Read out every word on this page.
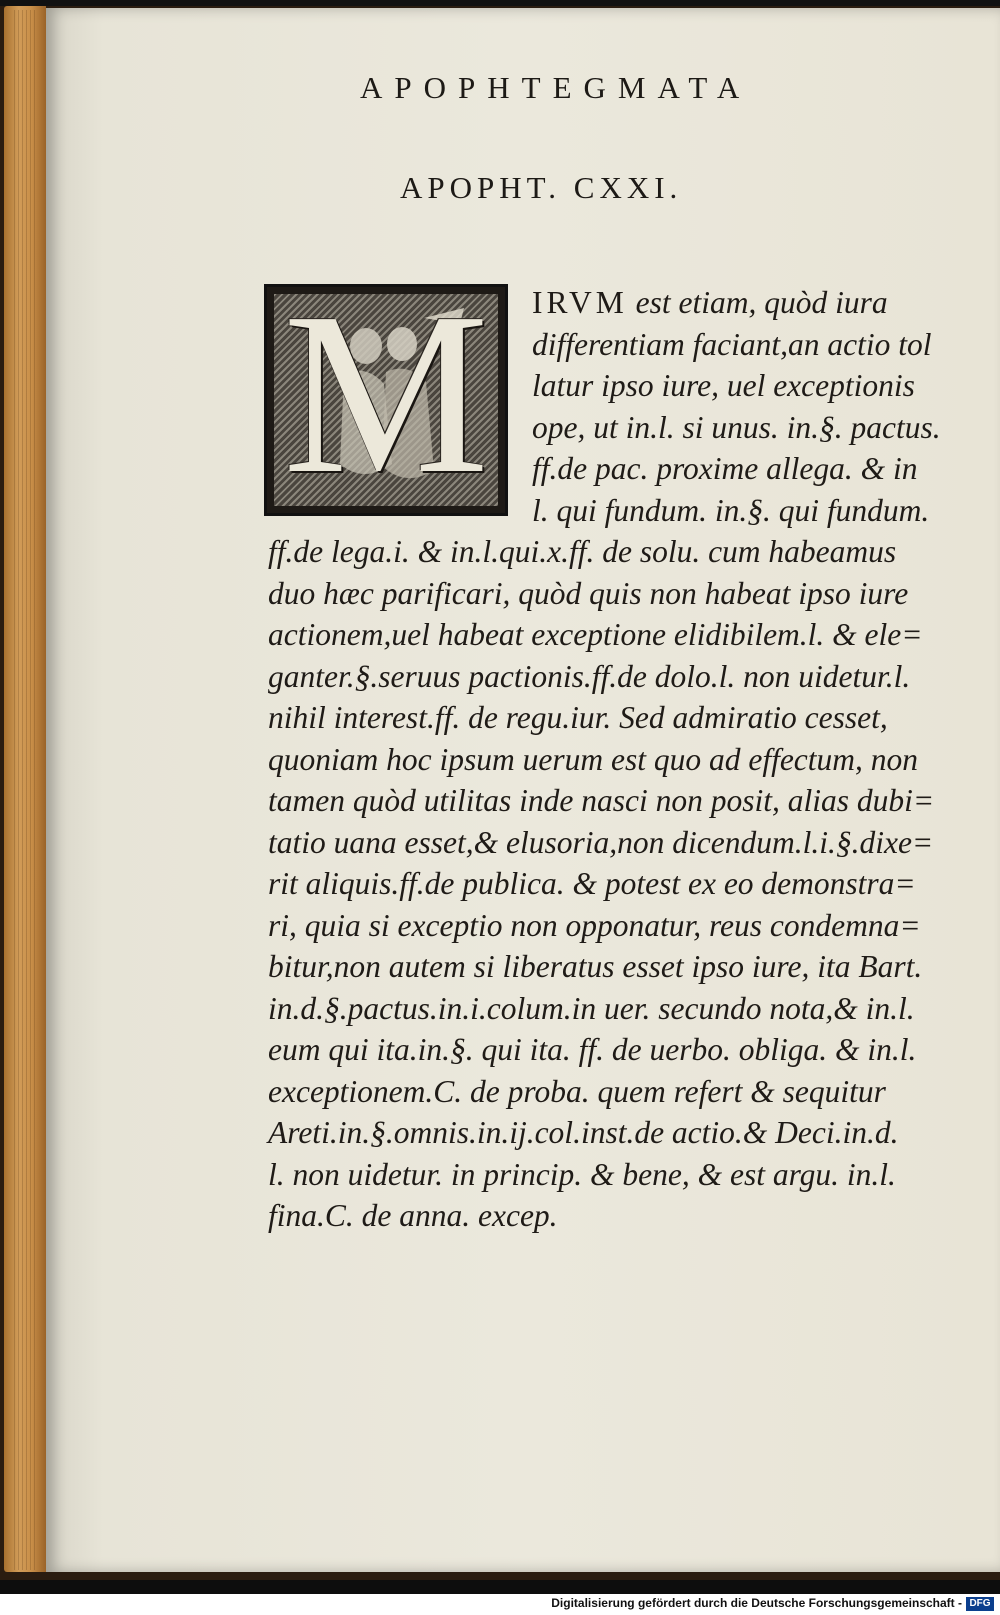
APOPHTEGMATA
APOPHT. CXXI.
M	IRVM est etiam, quòd iura
differentiam faciant,an actio tol
latur ipso iure, uel exceptionis
ope, ut in.l. si unus. in.§. pactus.
ff.de pac. proxime allega. & in
l. qui fundum. in.§. qui fundum.
ff.de lega.i. & in.l.qui.x.ff. de solu. cum habeamus
duo hæc parificari, quòd quis non habeat ipso iure
actionem,uel habeat exceptione elidibilem.l. & ele=
ganter.§.seruus pactionis.ff.de dolo.l. non uidetur.l.
nihil interest.ff. de regu.iur. Sed admiratio cesset,
quoniam hoc ipsum uerum est quo ad effectum, non
tamen quòd utilitas inde nasci non posit, alias dubi=
tatio uana esset,& elusoria,non dicendum.l.i.§.dixe=
rit aliquis.ff.de publica. & potest ex eo demonstra=
ri, quia si exceptio non opponatur, reus condemna=
bitur,non autem si liberatus esset ipso iure, ita Bart.
in.d.§.pactus.in.i.colum.in uer. secundo nota,& in.l.
eum qui ita.in.§. qui ita. ff. de uerbo. obliga. & in.l.
exceptionem.C. de proba. quem refert & sequitur
Areti.in.§.omnis.in.ij.col.inst.de actio.& Deci.in.d.
l. non uidetur. in princip. & bene, & est argu. in.l.
fina.C. de anna. excep.
Digitalisierung gefördert durch die Deutsche Forschungsgemeinschaft - DFG
